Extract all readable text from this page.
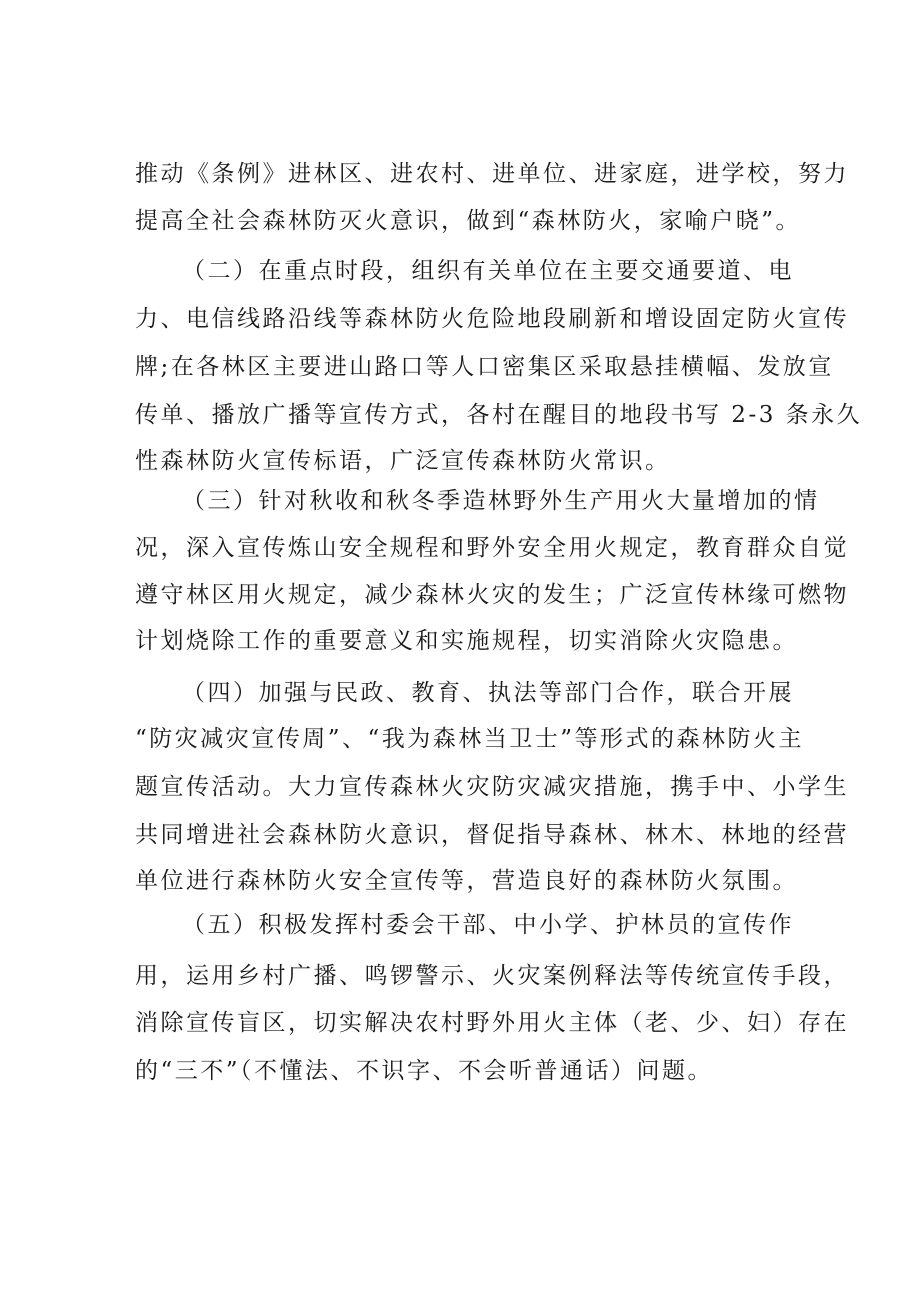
推动《条例》进林区、进农村、进单位、进家庭，进学校，努力
提高全社会森林防灭火意识，做到“森林防火，家喻户晓”。
（二）在重点时段，组织有关单位在主要交通要道、电
力、电信线路沿线等森林防火危险地段刷新和增设固定防火宣传
牌;在各林区主要进山路口等人口密集区采取悬挂横幅、发放宣
传单、播放广播等宣传方式，各村在醒目的地段书写 2-3 条永久
性森林防火宣传标语，广泛宣传森林防火常识。
（三）针对秋收和秋冬季造林野外生产用火大量增加的情
况，深入宣传炼山安全规程和野外安全用火规定，教育群众自觉
遵守林区用火规定，减少森林火灾的发生；广泛宣传林缘可燃物
计划烧除工作的重要意义和实施规程，切实消除火灾隐患。
（四）加强与民政、教育、执法等部门合作，联合开展
“防灾减灾宣传周”、“我为森林当卫士”等形式的森林防火主
题宣传活动。大力宣传森林火灾防灾减灾措施，携手中、小学生
共同增进社会森林防火意识，督促指导森林、林木、林地的经营
单位进行森林防火安全宣传等，营造良好的森林防火氛围。
（五）积极发挥村委会干部、中小学、护林员的宣传作
用，运用乡村广播、鸣锣警示、火灾案例释法等传统宣传手段，
消除宣传盲区，切实解决农村野外用火主体（老、少、妇）存在
的“三不”（不懂法、不识字、不会听普通话）问题。
